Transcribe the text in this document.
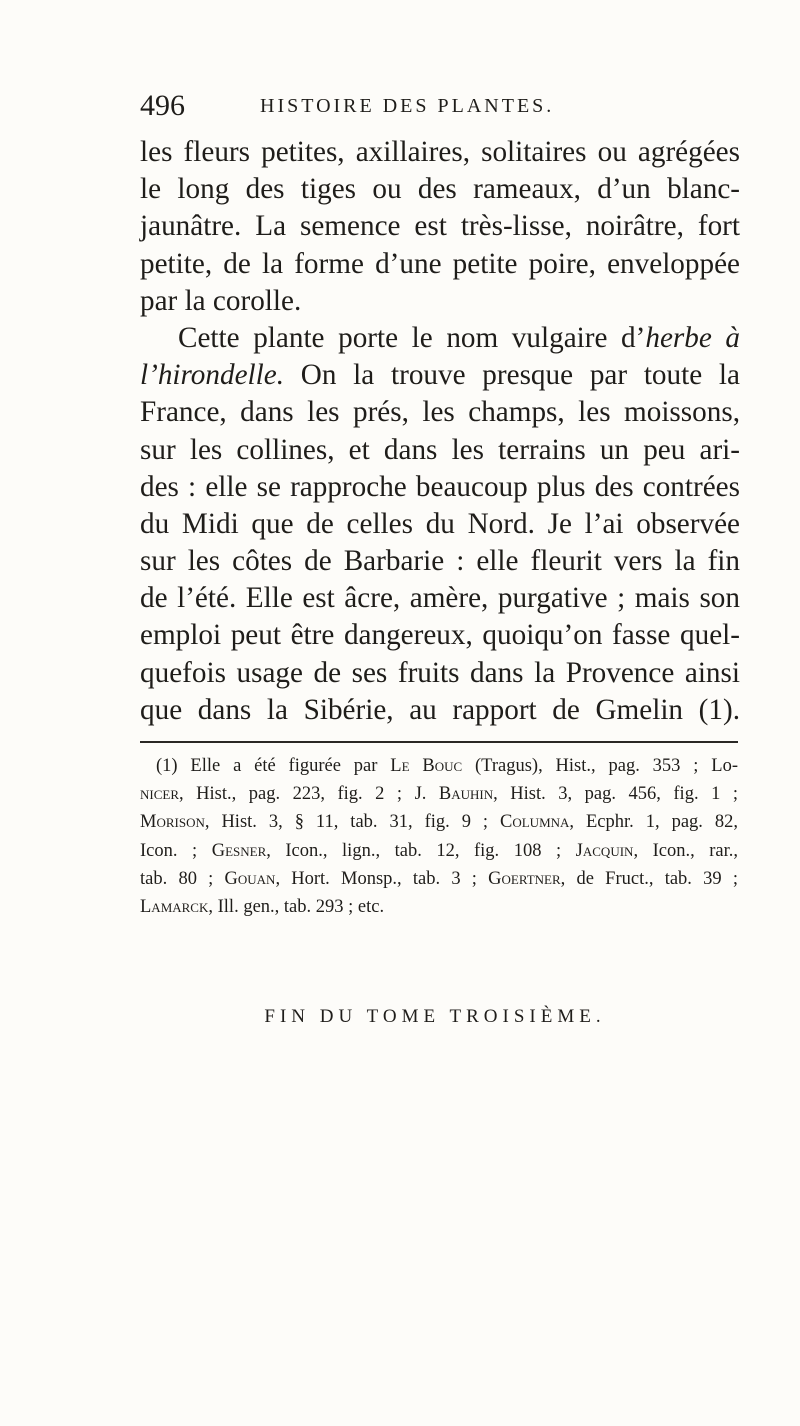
496	HISTOIRE DES PLANTES.
les fleurs petites, axillaires, solitaires ou agrégées
le long des tiges ou des rameaux, d’un blanc-
jaunâtre. La semence est très-lisse, noirâtre, fort
petite, de la forme d’une petite poire, enveloppée
par la corolle.
Cette plante porte le nom vulgaire d’herbe à
l’hirondelle. On la trouve presque par toute la
France, dans les prés, les champs, les moissons,
sur les collines, et dans les terrains un peu ari-
des : elle se rapproche beaucoup plus des contrées
du Midi que de celles du Nord. Je l’ai observée
sur les côtes de Barbarie : elle fleurit vers la fin
de l’été. Elle est âcre, amère, purgative ; mais son
emploi peut être dangereux, quoiqu’on fasse quel-
quefois usage de ses fruits dans la Provence ainsi
que dans la Sibérie, au rapport de Gmelin (1).
(1) Elle a été figurée par Le Bouc (Tragus), Hist., pag. 353 ; Lo-
nicer, Hist., pag. 223, fig. 2 ; J. Bauhin, Hist. 3, pag. 456, fig. 1 ;
Morison, Hist. 3, § 11, tab. 31, fig. 9 ; Columna, Ecphr. 1, pag. 82,
Icon. ; Gesner, Icon., lign., tab. 12, fig. 108 ; Jacquin, Icon., rar.,
tab. 80 ; Gouan, Hort. Monsp., tab. 3 ; Goertner, de Fruct., tab. 39 ;
Lamarck, Ill. gen., tab. 293 ; etc.
FIN DU TOME TROISIÈME.
